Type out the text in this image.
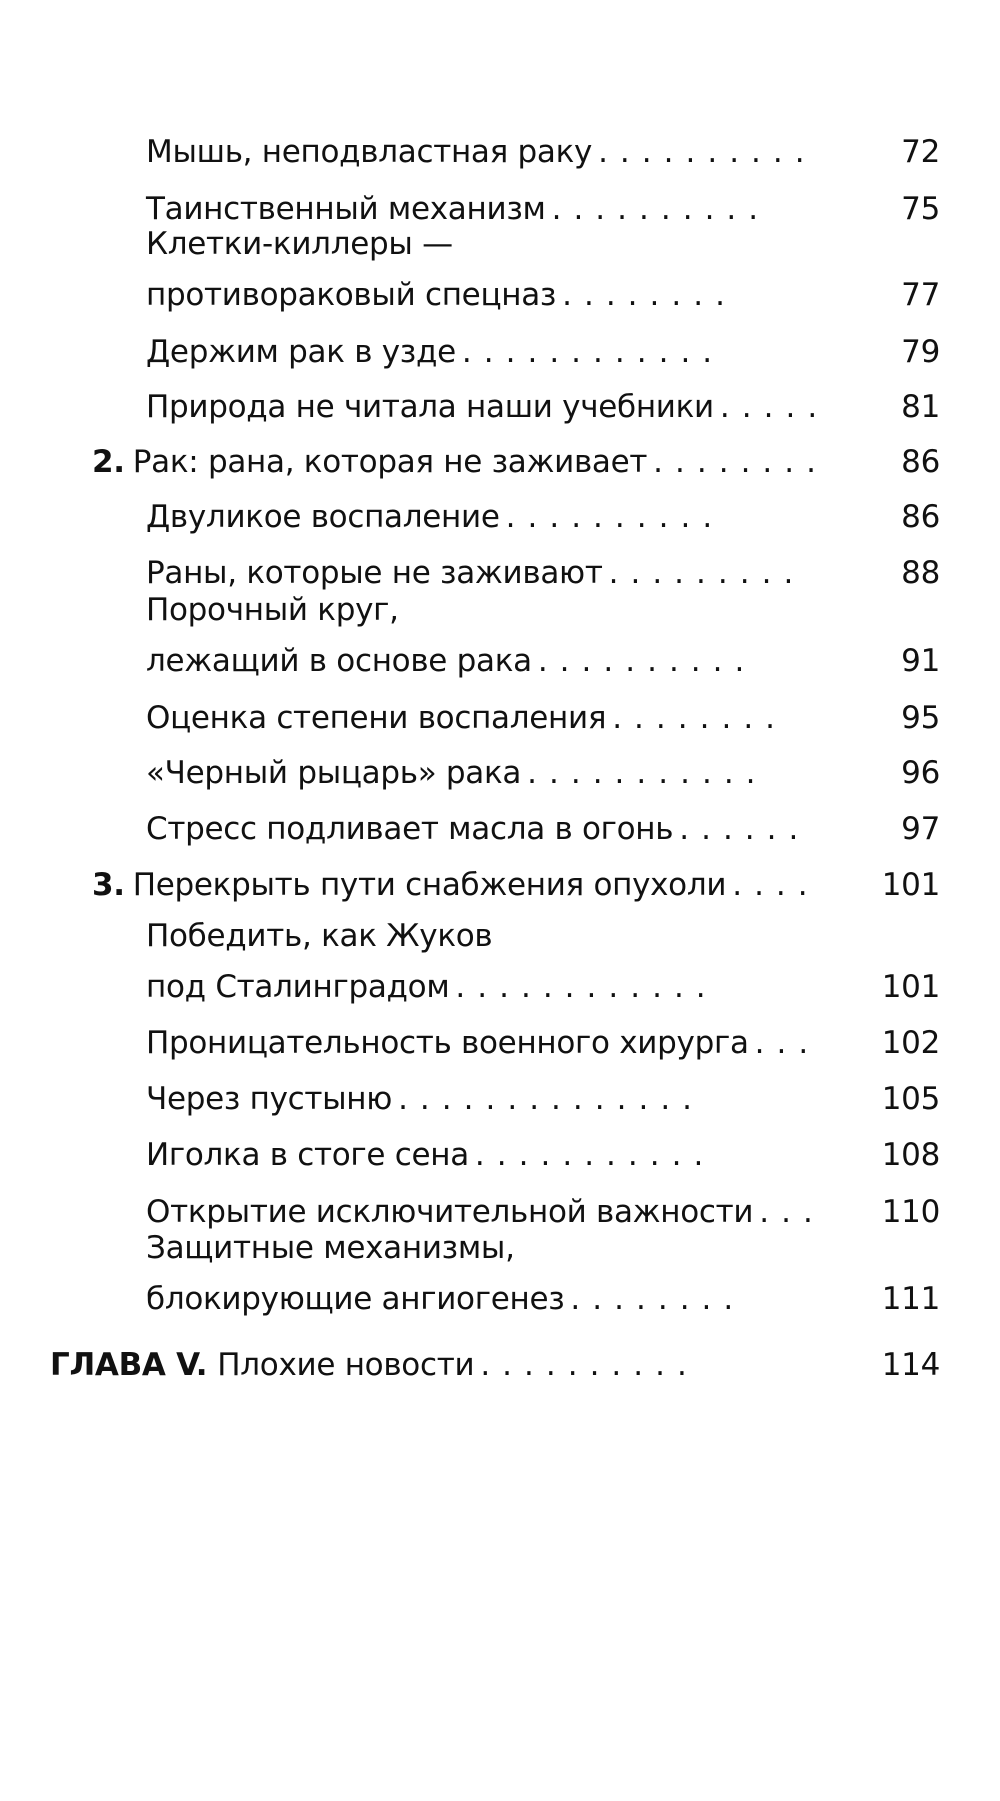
Мышь, неподвластная раку ..........	72
Таинственный механизм ..........	75
Клетки-киллеры —
противораковый спецназ ........	77
Держим рак в узде ............	79
Природа не читала наши учебники .....	81
2. Рак: рана, которая не заживает ........	86
Двуликое воспаление ..........	86
Раны, которые не заживают .........	88
Порочный круг,
лежащий в основе рака ..........	91
Оценка степени воспаления ........	95
«Черный рыцарь» рака ...........	96
Стресс подливает масла в огонь ......	97
3. Перекрыть пути снабжения опухоли ....	101
Победить, как Жуков
под Сталинградом ............	101
Проницательность военного хирурга ...	102
Через пустыню ..............	105
Иголка в стоге сена ...........	108
Открытие исключительной важности ...	110
Защитные механизмы,
блокирующие ангиогенез ........	111
ГЛАВА V. Плохие новости ..........	114
